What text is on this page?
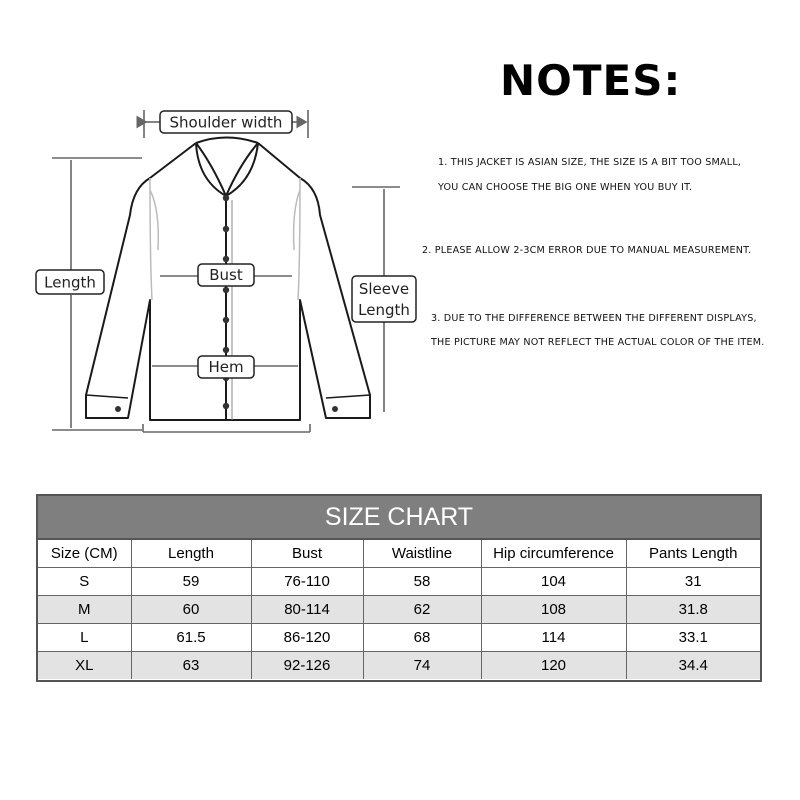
Shoulder width
Length	Bust
Sleeve
Length
Hem
NOTES:
1. THIS JACKET IS ASIAN SIZE, THE SIZE IS A BIT TOO SMALL,
YOU CAN CHOOSE THE BIG ONE WHEN YOU BUY IT.
2. PLEASE ALLOW 2-3CM ERROR DUE TO MANUAL MEASUREMENT.
3. DUE TO THE DIFFERENCE BETWEEN THE DIFFERENT DISPLAYS,
THE PICTURE MAY NOT REFLECT THE ACTUAL COLOR OF THE ITEM.
SIZE CHART
Size (CM)	Length	Bust	Waistline	Hip circumference	Pants Length
S	59	76-110	58	104	31
M	60	80-114	62	108	31.8
L	61.5	86-120	68	114	33.1
XL	63	92-126	74	120	34.4
